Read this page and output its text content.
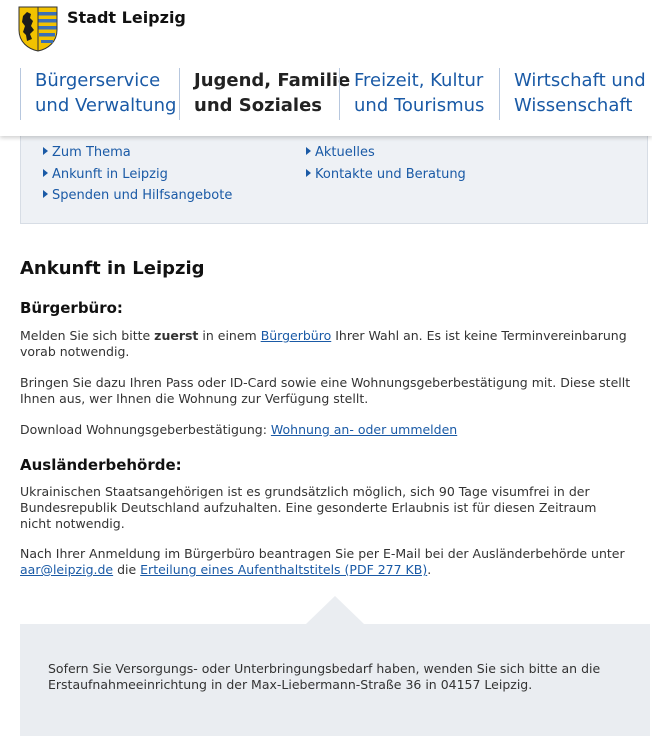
Stadt Leipzig
Bürgerservice
und Verwaltung
Jugend, Familie
und Soziales
Freizeit, Kultur
und Tourismus
Wirtschaft und
Wissenschaft
Zum Thema
Ankunft in Leipzig
Spenden und Hilfsangebote
Aktuelles
Kontakte und Beratung
Ankunft in Leipzig
Bürgerbüro:

Melden Sie sich bitte zuerst in einem Bürgerbüro Ihrer Wahl an. Es ist keine Terminvereinbarung vorab notwendig.

Bringen Sie dazu Ihren Pass oder ID-Card sowie eine Wohnungsgeberbestätigung mit. Diese stellt Ihnen aus, wer Ihnen die Wohnung zur Verfügung stellt.

Download Wohnungsgeberbestätigung: Wohnung an- oder ummelden

Ausländerbehörde:

Ukrainischen Staatsangehörigen ist es grundsätzlich möglich, sich 90 Tage visumfrei in der Bundesrepublik Deutschland aufzuhalten. Eine gesonderte Erlaubnis ist für diesen Zeitraum nicht notwendig.

Nach Ihrer Anmeldung im Bürgerbüro beantragen Sie per E-Mail bei der Ausländerbehörde unter aar@leipzig.de die Erteilung eines Aufenthaltstitels (PDF 277 KB).

Sofern Sie Versorgungs- oder Unterbringungsbedarf haben, wenden Sie sich bitte an die Erstaufnahmeeinrichtung in der Max-Liebermann-Straße 36 in 04157 Leipzig.
